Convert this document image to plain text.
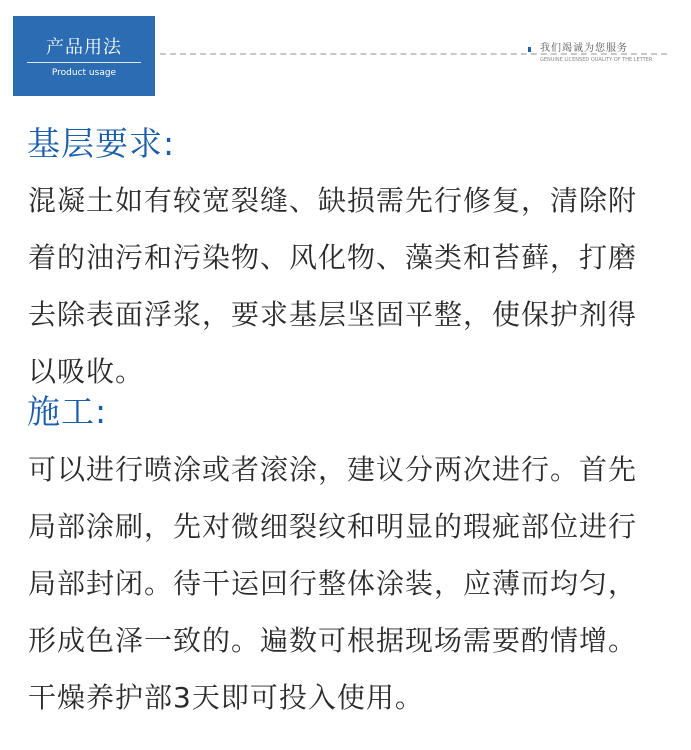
产品用法
Product usage
我们竭诚为您服务
GENUINE LICENSED QUALITY OF THE LETTER
基层要求:
混凝土如有较宽裂缝、缺损需先行修复，清除附
着的油污和污染物、风化物、藻类和苔藓，打磨
去除表面浮浆，要求基层坚固平整，使保护剂得
以吸收。
施工:
可以进行喷涂或者滚涂，建议分两次进行。首先
局部涂刷，先对微细裂纹和明显的瑕疵部位进行
局部封闭。待干运回行整体涂装，应薄而均匀，
形成色泽一致的。遍数可根据现场需要酌情增。
干燥养护部3天即可投入使用。
